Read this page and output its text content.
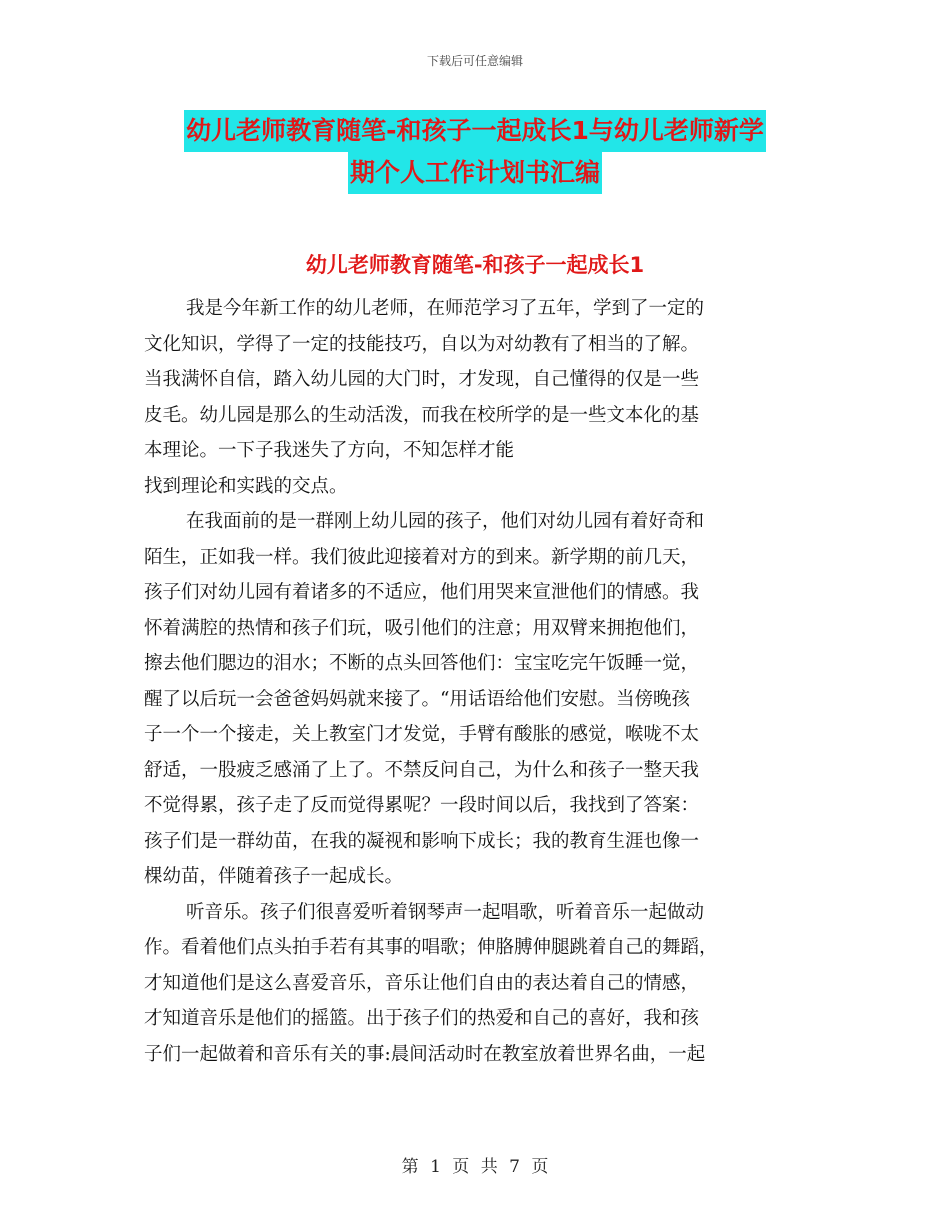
下载后可任意编辑
幼儿老师教育随笔-和孩子一起成长1与幼儿老师新学
期个人工作计划书汇编
幼儿老师教育随笔-和孩子一起成长1
我是今年新工作的幼儿老师，在师范学习了五年，学到了一定的
文化知识，学得了一定的技能技巧，自以为对幼教有了相当的了解。
当我满怀自信，踏入幼儿园的大门时，才发现，自己懂得的仅是一些
皮毛。幼儿园是那么的生动活泼，而我在校所学的是一些文本化的基
本理论。一下子我迷失了方向，不知怎样才能
找到理论和实践的交点。
在我面前的是一群刚上幼儿园的孩子，他们对幼儿园有着好奇和
陌生，正如我一样。我们彼此迎接着对方的到来。新学期的前几天，
孩子们对幼儿园有着诸多的不适应，他们用哭来宣泄他们的情感。我
怀着满腔的热情和孩子们玩，吸引他们的注意；用双臂来拥抱他们，
擦去他们腮边的泪水；不断的点头回答他们：宝宝吃完午饭睡一觉，
醒了以后玩一会爸爸妈妈就来接了。“用话语给他们安慰。当傍晚孩
子一个一个接走，关上教室门才发觉，手臂有酸胀的感觉，喉咙不太
舒适，一股疲乏感涌了上了。不禁反问自己，为什么和孩子一整天我
不觉得累，孩子走了反而觉得累呢？一段时间以后，我找到了答案：
孩子们是一群幼苗，在我的凝视和影响下成长；我的教育生涯也像一
棵幼苗，伴随着孩子一起成长。
听音乐。孩子们很喜爱听着钢琴声一起唱歌，听着音乐一起做动
作。看着他们点头拍手若有其事的唱歌；伸胳膊伸腿跳着自己的舞蹈，
才知道他们是这么喜爱音乐，音乐让他们自由的表达着自己的情感，
才知道音乐是他们的摇篮。出于孩子们的热爱和自己的喜好，我和孩
子们一起做着和音乐有关的事:晨间活动时在教室放着世界名曲，一起
第 1 页 共 7 页
